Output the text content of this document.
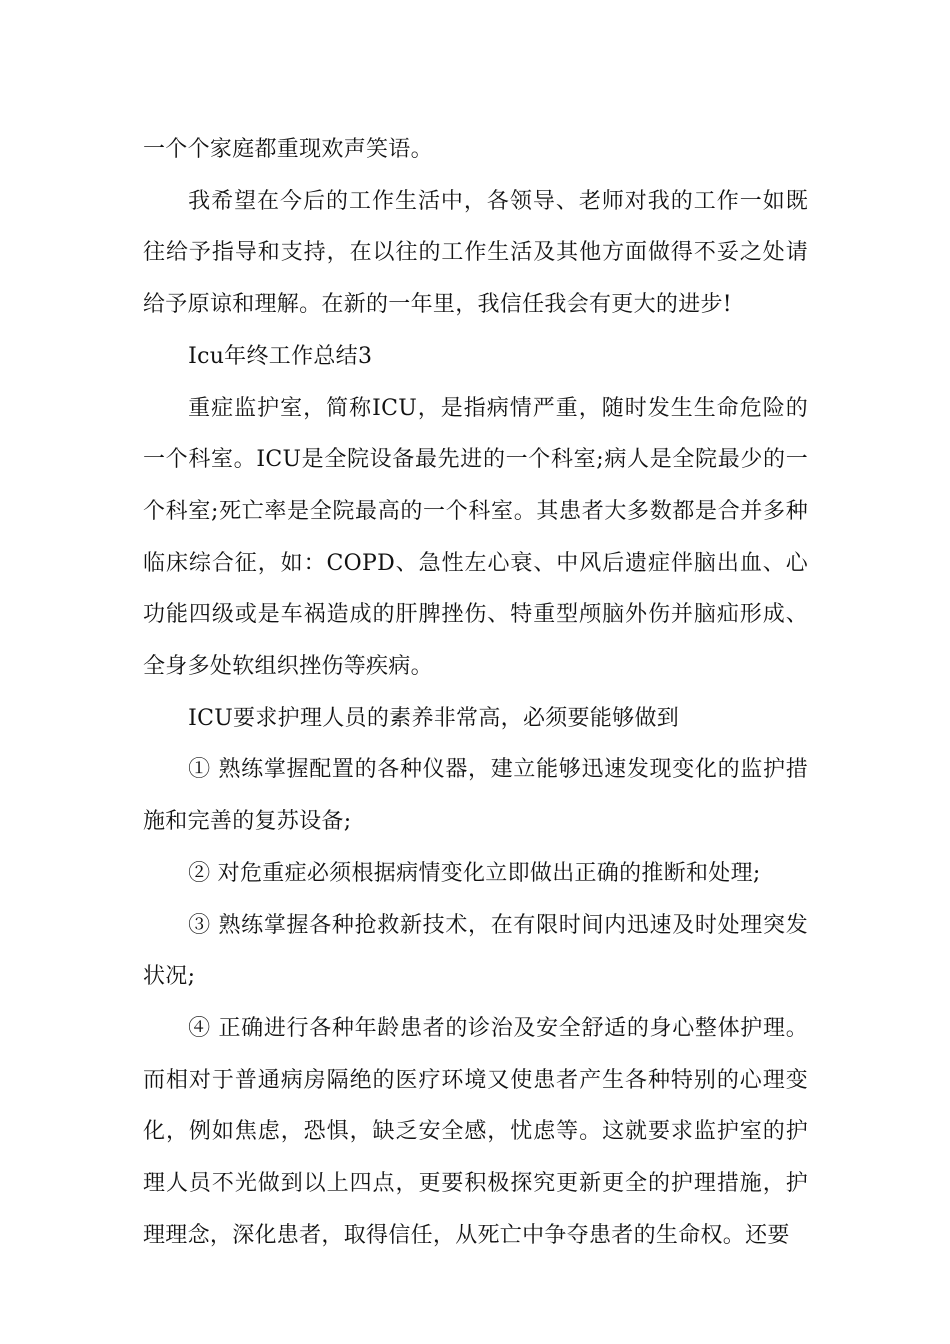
一个个家庭都重现欢声笑语。

我希望在今后的工作生活中，各领导、老师对我的工作一如既往给予指导和支持，在以往的工作生活及其他方面做得不妥之处请给予原谅和理解。在新的一年里，我信任我会有更大的进步!

Icu年终工作总结3

重症监护室，简称ICU，是指病情严重，随时发生生命危险的一个科室。ICU是全院设备最先进的一个科室;病人是全院最少的一个科室;死亡率是全院最高的一个科室。其患者大多数都是合并多种临床综合征，如：COPD、急性左心衰、中风后遗症伴脑出血、心功能四级或是车祸造成的肝脾挫伤、特重型颅脑外伤并脑疝形成、全身多处软组织挫伤等疾病。

ICU要求护理人员的素养非常高，必须要能够做到

① 熟练掌握配置的各种仪器，建立能够迅速发现变化的监护措施和完善的复苏设备;

② 对危重症必须根据病情变化立即做出正确的推断和处理;

③ 熟练掌握各种抢救新技术，在有限时间内迅速及时处理突发状况;

④ 正确进行各种年龄患者的诊治及安全舒适的身心整体护理。而相对于普通病房隔绝的医疗环境又使患者产生各种特别的心理变化，例如焦虑，恐惧，缺乏安全感，忧虑等。这就要求监护室的护理人员不光做到以上四点，更要积极探究更新更全的护理措施，护理理念，深化患者，取得信任，从死亡中争夺患者的生命权。还要
